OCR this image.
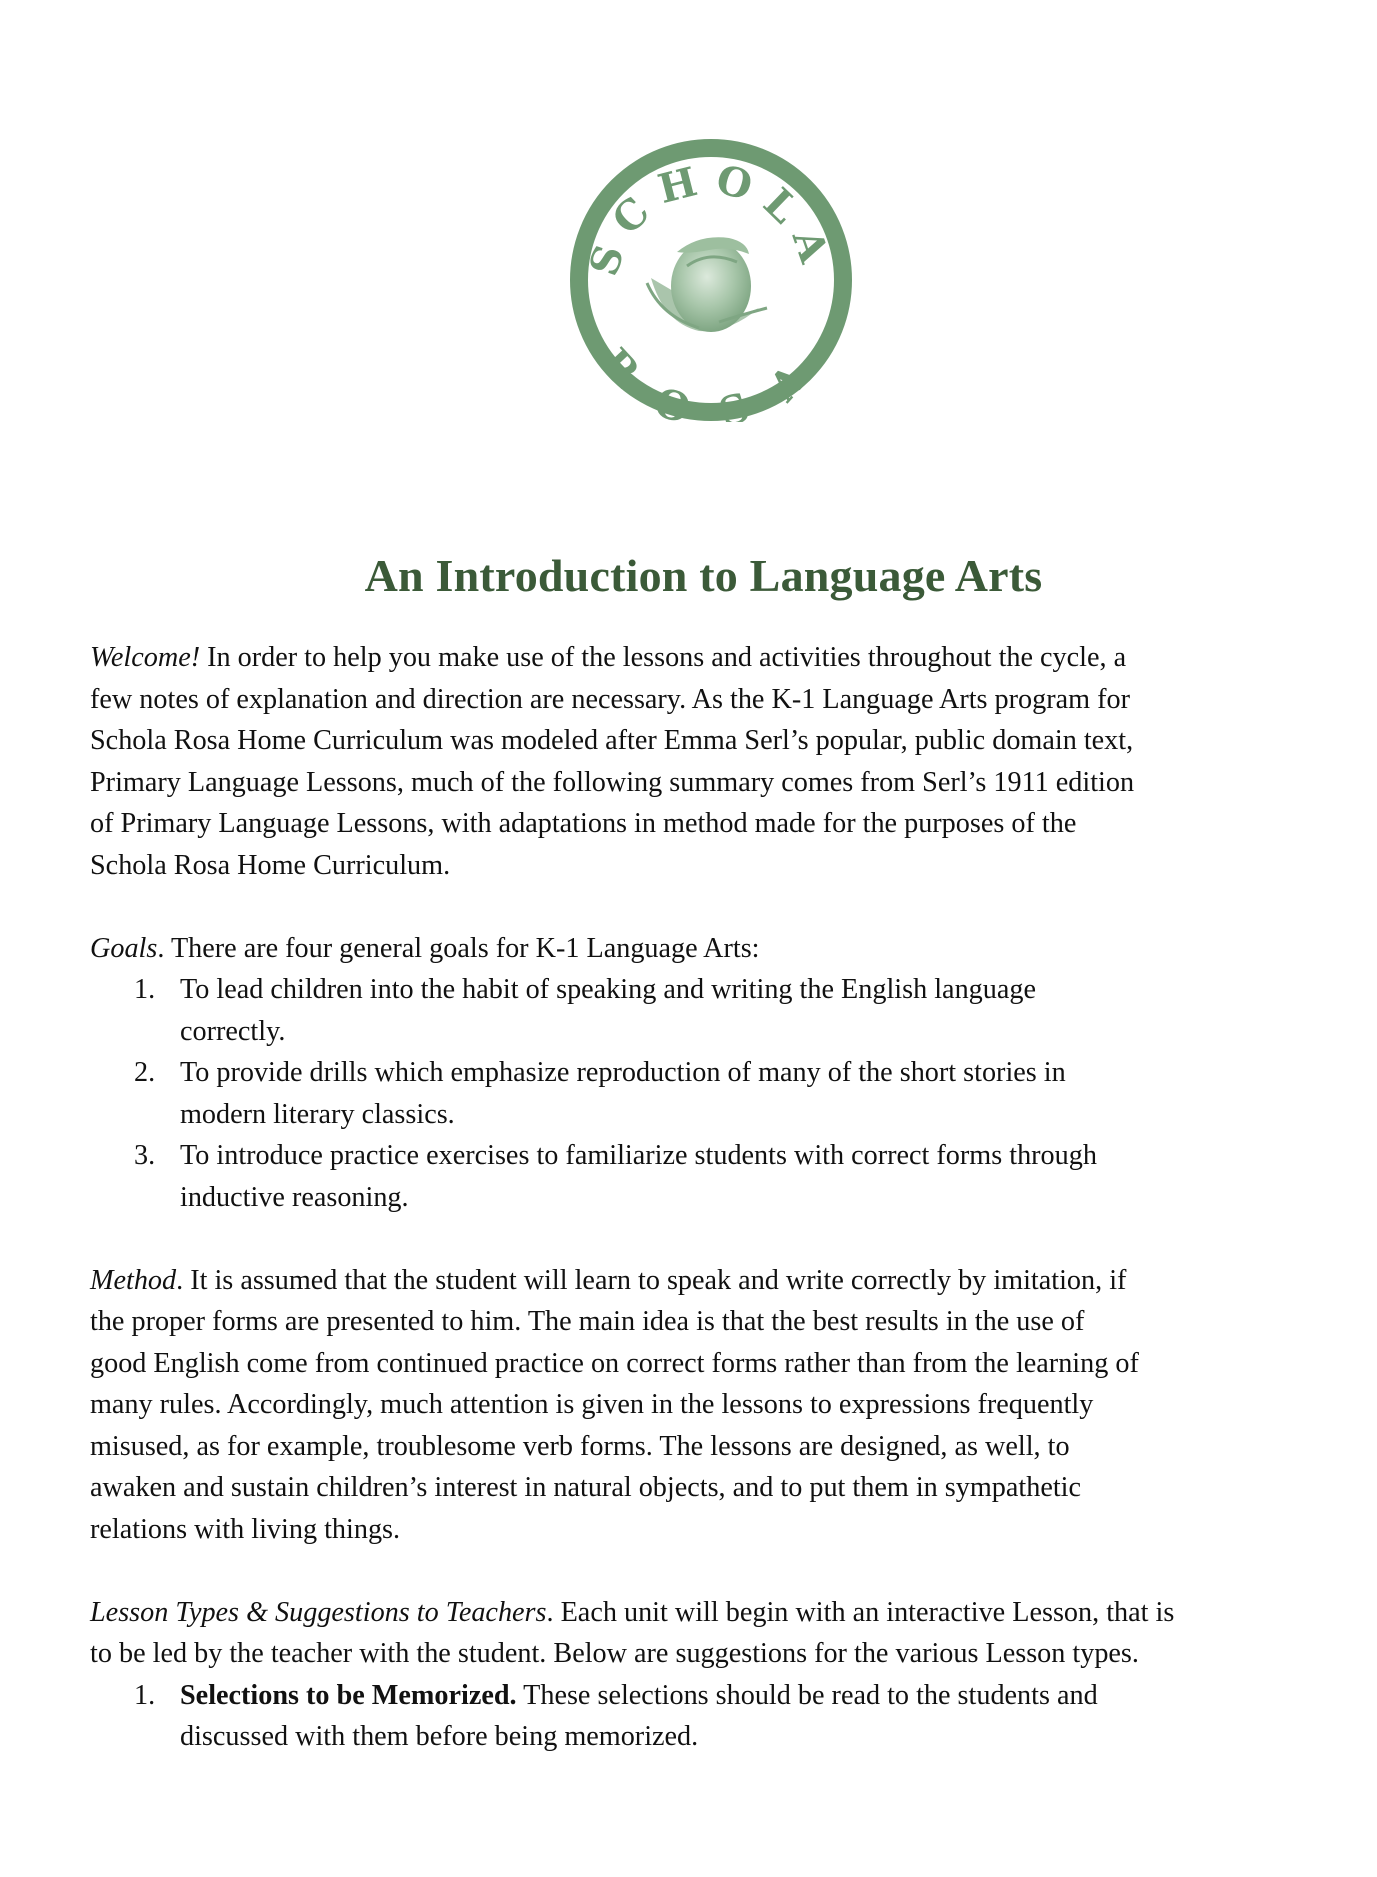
SCHOLA
ROSA
An Introduction to Language Arts
Welcome! In order to help you make use of the lessons and activities throughout the cycle, a
few notes of explanation and direction are necessary. As the K-1 Language Arts program for
Schola Rosa Home Curriculum was modeled after Emma Serl’s popular, public domain text,
Primary Language Lessons, much of the following summary comes from Serl’s 1911 edition
of Primary Language Lessons, with adaptations in method made for the purposes of the
Schola Rosa Home Curriculum.
Goals. There are four general goals for K-1 Language Arts:
1. To lead children into the habit of speaking and writing the English language
correctly.
2. To provide drills which emphasize reproduction of many of the short stories in
modern literary classics.
3. To introduce practice exercises to familiarize students with correct forms through
inductive reasoning.
Method. It is assumed that the student will learn to speak and write correctly by imitation, if
the proper forms are presented to him. The main idea is that the best results in the use of
good English come from continued practice on correct forms rather than from the learning of
many rules. Accordingly, much attention is given in the lessons to expressions frequently
misused, as for example, troublesome verb forms. The lessons are designed, as well, to
awaken and sustain children’s interest in natural objects, and to put them in sympathetic
relations with living things.
Lesson Types & Suggestions to Teachers. Each unit will begin with an interactive Lesson, that is
to be led by the teacher with the student. Below are suggestions for the various Lesson types.
1. Selections to be Memorized. These selections should be read to the students and
discussed with them before being memorized.
